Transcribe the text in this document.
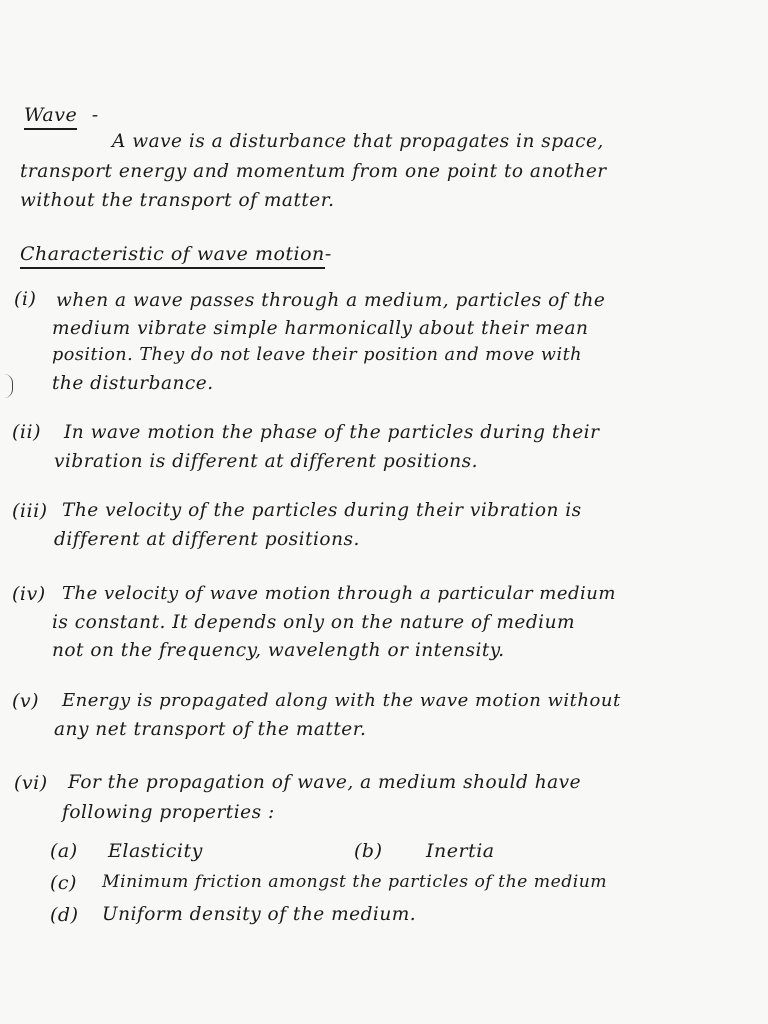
Wave -
A wave is a disturbance that propagates in space,
transport energy and momentum from one point to another
without the transport of matter.
Characteristic of wave motion-
(i) when a wave passes through a medium, particles of the
medium vibrate simple harmonically about their mean
position. They do not leave their position and move with
the disturbance.
(ii) In wave motion the phase of the particles during their
vibration is different at different positions.
(iii) The velocity of the particles during their vibration is
different at different positions.
(iv) The velocity of wave motion through a particular medium
is constant. It depends only on the nature of medium
not on the frequency, wavelength or intensity.
(v) Energy is propagated along with the wave motion without
any net transport of the matter.
(vi) For the propagation of wave, a medium should have
following properties :
(a) Elasticity	(b) Inertia
(c) Minimum friction amongst the particles of the medium
(d) Uniform density of the medium.
